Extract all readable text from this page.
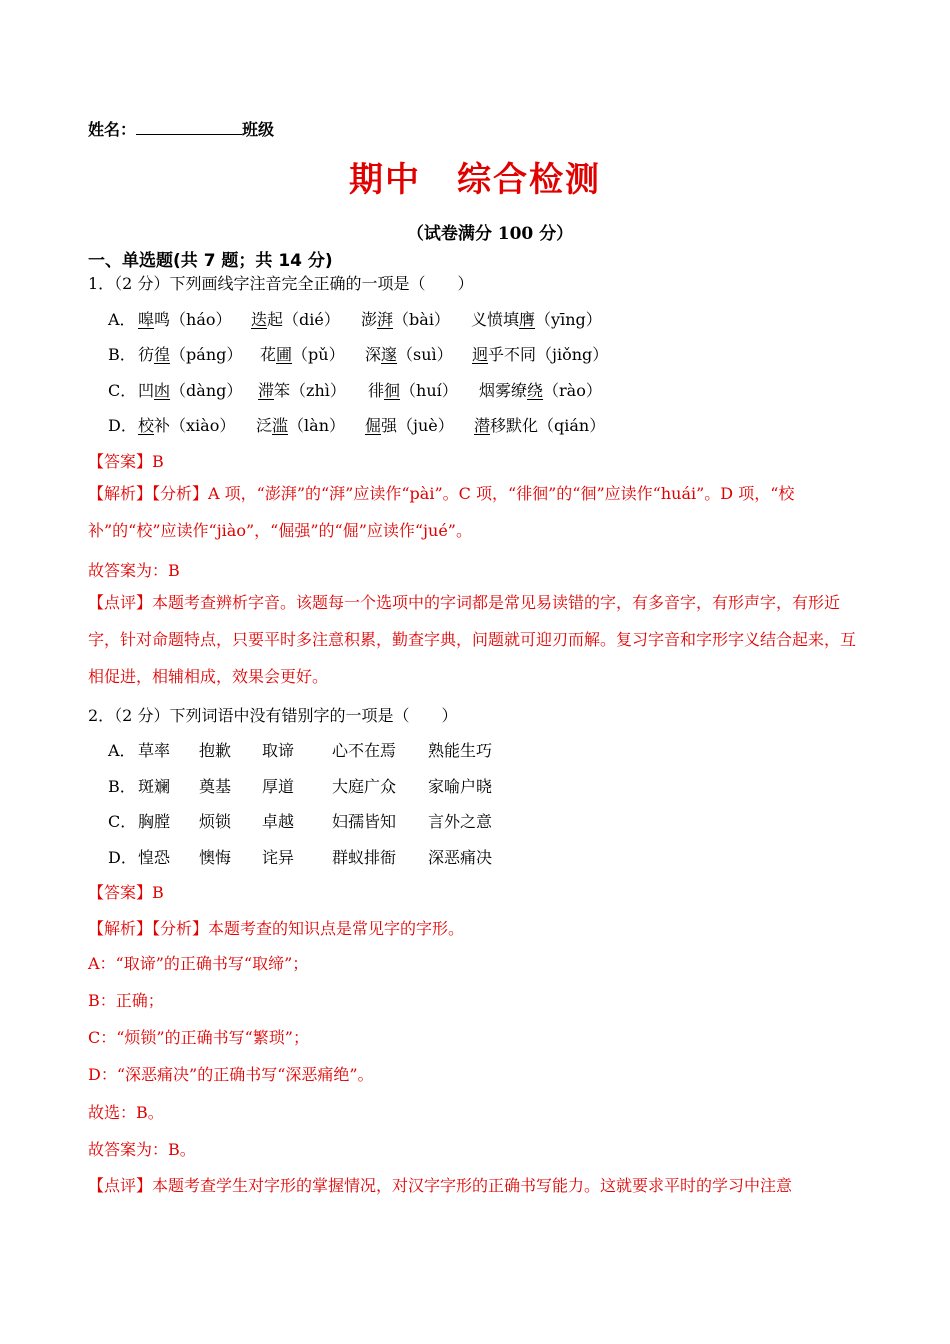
姓名：	班级
期中 综合检测
（试卷满分 100 分）
一、单选题(共 7 题；共 14 分)
1．（2 分）下列画线字注音完全正确的一项是（　　）
A． 嗥鸣（háo） 迭起（dié） 澎湃（bài） 义愤填膺（yīng）
B． 彷徨（páng） 花圃（pǔ） 深邃（suì） 迥乎不同（jiǒng）
C． 凹凼（dàng） 滞笨（zhì） 徘徊（huí） 烟雾缭绕（rào）
D． 校补（xiào） 泛滥（làn） 倔强（juè） 潜移默化（qián）
【答案】B
【解析】【分析】A 项，“澎湃”的“湃”应读作“pài”。C 项，“徘徊”的“徊”应读作“huái”。D 项，“校补”的“校”应读作“jiào”，“倔强”的“倔”应读作“jué”。
故答案为：B
【点评】本题考查辨析字音。该题每一个选项中的字词都是常见易读错的字，有多音字，有形声字，有形近字，针对命题特点，只要平时多注意积累，勤查字典，问题就可迎刃而解。复习字音和字形字义结合起来，互相促进，相辅相成，效果会更好。
2．（2 分）下列词语中没有错别字的一项是（　　）
A． 草率 抱歉 取谛 心不在焉 熟能生巧
B． 斑斓 奠基 厚道 大庭广众 家喻户晓
C． 胸膛 烦锁 卓越 妇孺皆知 言外之意
D． 惶恐 懊悔 诧异 群蚁排衙 深恶痛决
【答案】B
【解析】【分析】本题考查的知识点是常见字的字形。
A：“取谛”的正确书写“取缔”；
B：正确；
C：“烦锁”的正确书写“繁琐”；
D：“深恶痛决”的正确书写“深恶痛绝”。
故选：B。
故答案为：B。
【点评】本题考查学生对字形的掌握情况，对汉字字形的正确书写能力。这就要求平时的学习中注意
